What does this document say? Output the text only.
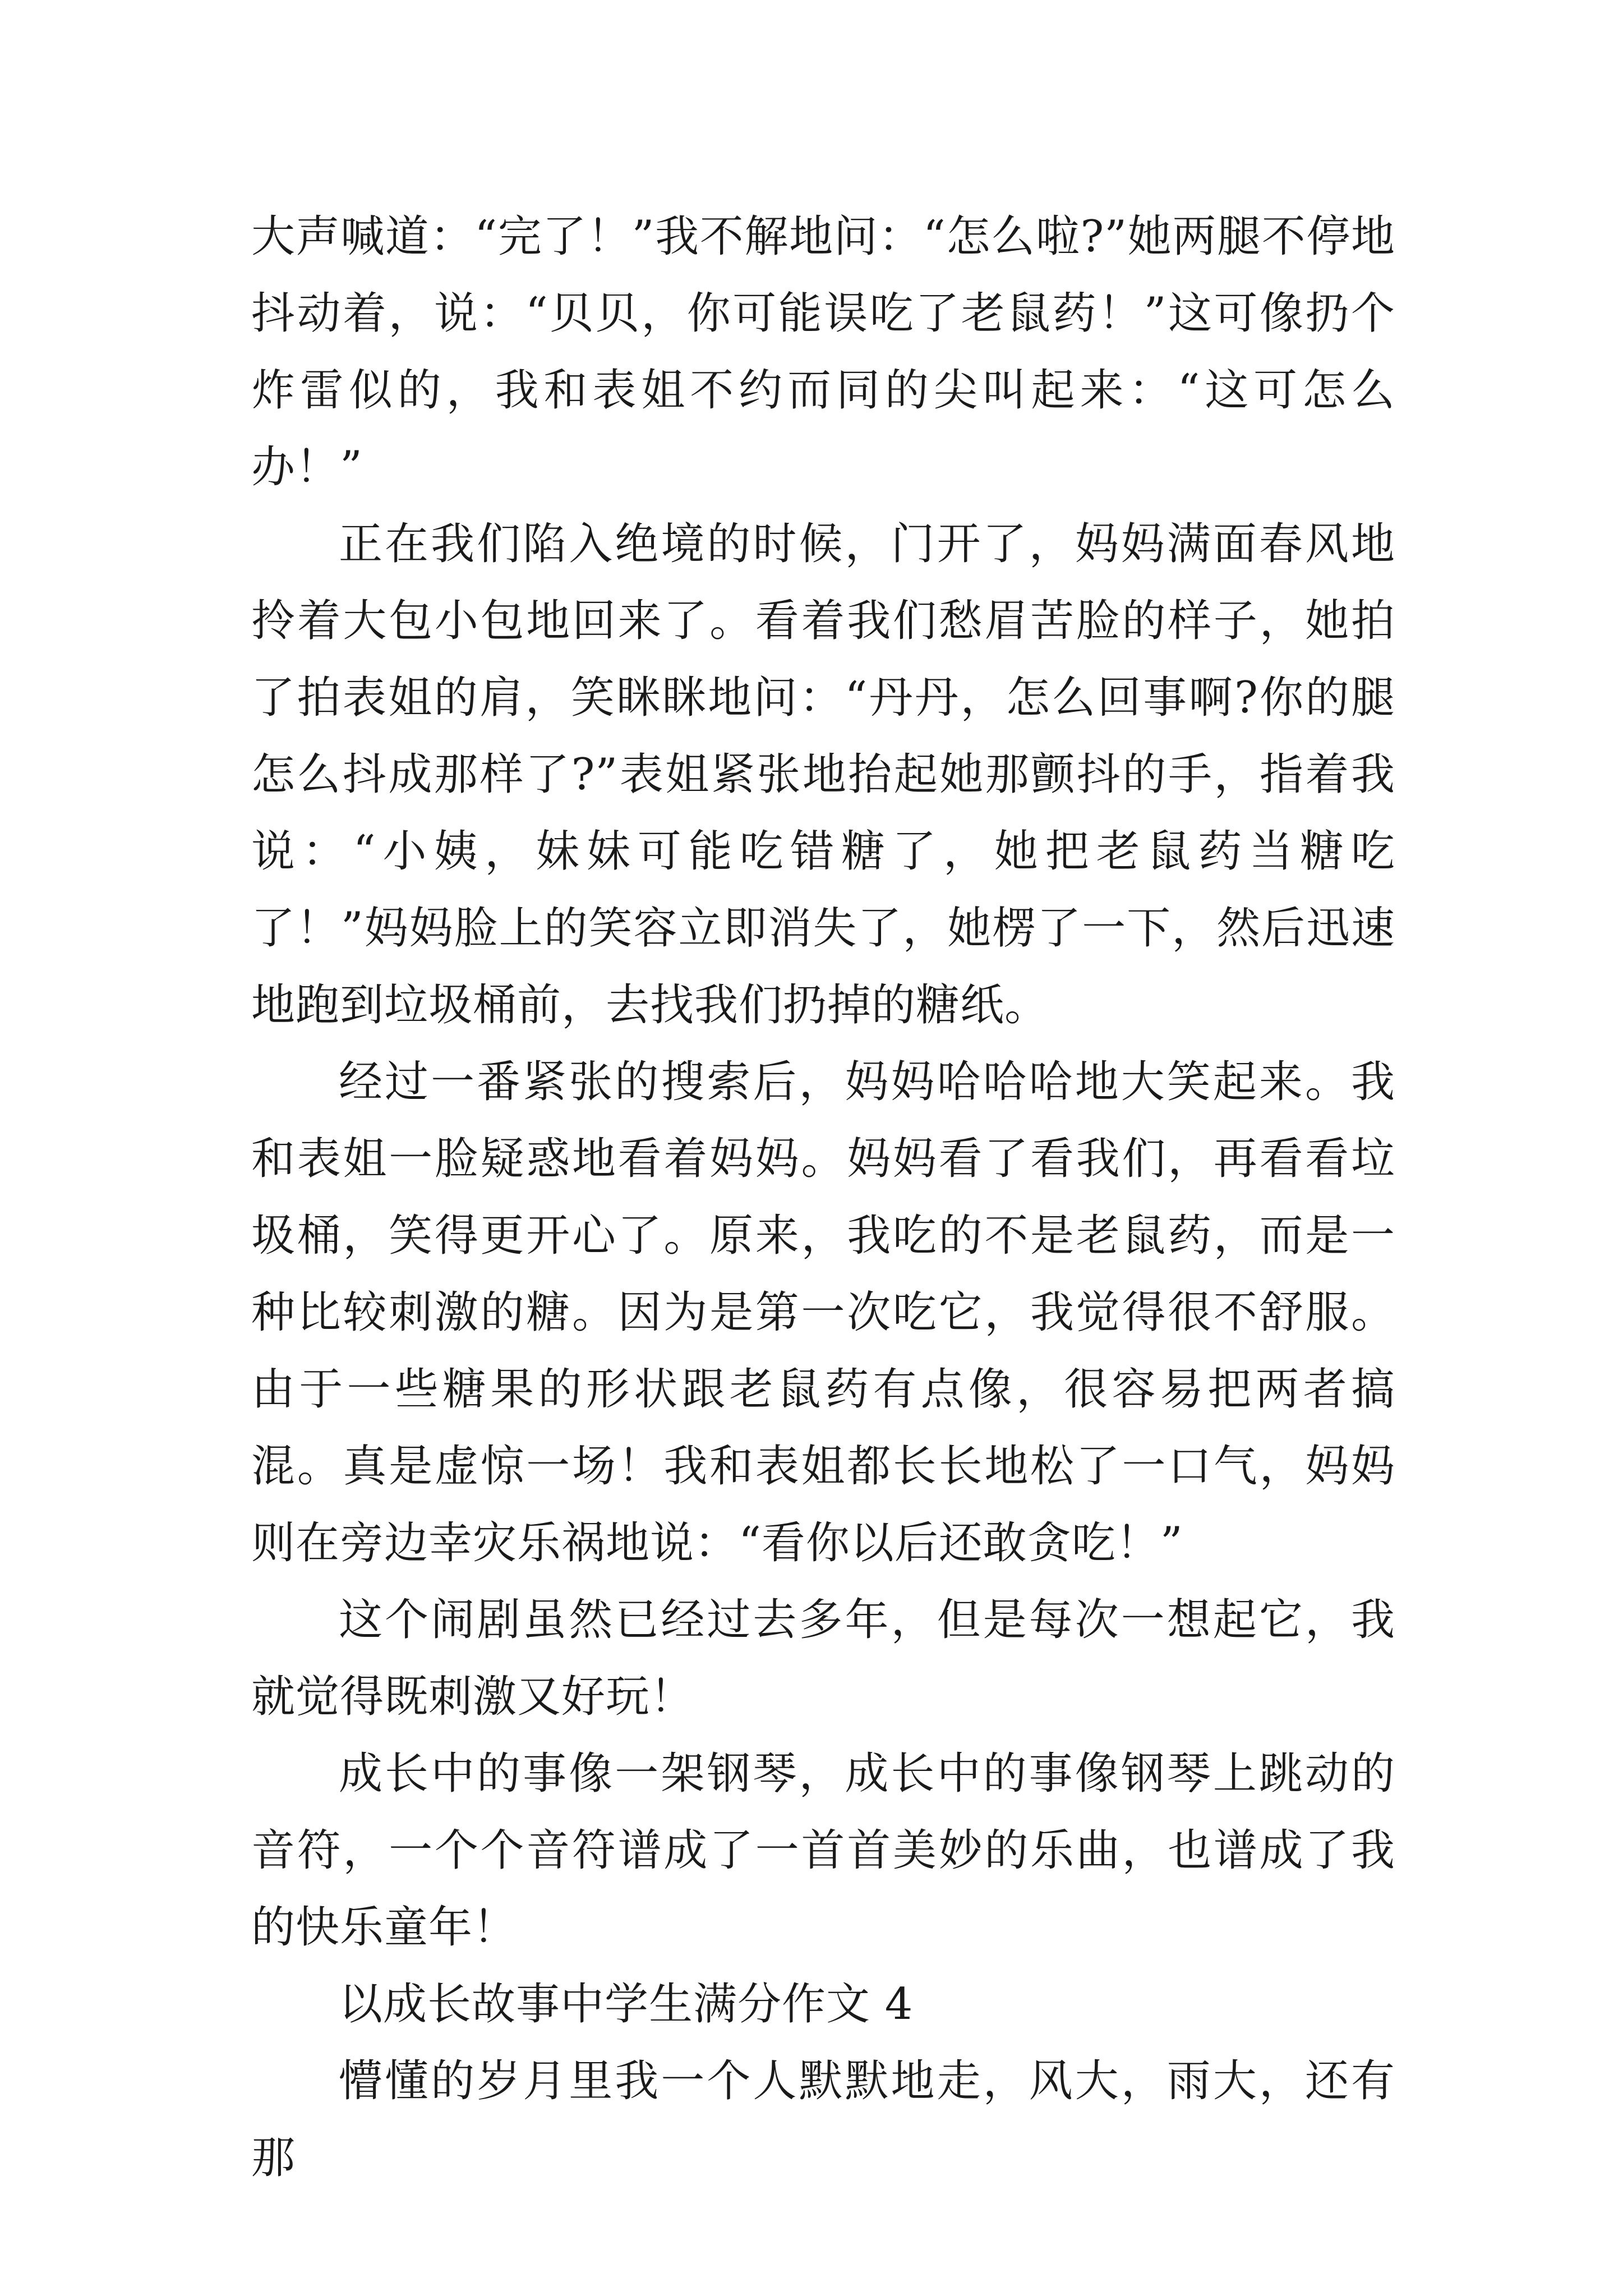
大声喊道：“完了！”我不解地问：“怎么啦?”她两腿不停地抖动着，说：“贝贝，你可能误吃了老鼠药！”这可像扔个炸雷似的，我和表姐不约而同的尖叫起来：“这可怎么办！”

正在我们陷入绝境的时候，门开了，妈妈满面春风地拎着大包小包地回来了。看着我们愁眉苦脸的样子，她拍了拍表姐的肩，笑眯眯地问：“丹丹，怎么回事啊?你的腿怎么抖成那样了?”表姐紧张地抬起她那颤抖的手，指着我说：“小姨，妹妹可能吃错糖了，她把老鼠药当糖吃了！”妈妈脸上的笑容立即消失了，她楞了一下，然后迅速地跑到垃圾桶前，去找我们扔掉的糖纸。

经过一番紧张的搜索后，妈妈哈哈哈地大笑起来。我和表姐一脸疑惑地看着妈妈。妈妈看了看我们，再看看垃圾桶，笑得更开心了。原来，我吃的不是老鼠药，而是一种比较刺激的糖。因为是第一次吃它，我觉得很不舒服。由于一些糖果的形状跟老鼠药有点像，很容易把两者搞混。真是虚惊一场！我和表姐都长长地松了一口气，妈妈则在旁边幸灾乐祸地说：“看你以后还敢贪吃！”

这个闹剧虽然已经过去多年，但是每次一想起它，我就觉得既刺激又好玩！

成长中的事像一架钢琴，成长中的事像钢琴上跳动的音符，一个个音符谱成了一首首美妙的乐曲，也谱成了我的快乐童年！

以成长故事中学生满分作文 4

懵懂的岁月里我一个人默默地走，风大，雨大，还有那
